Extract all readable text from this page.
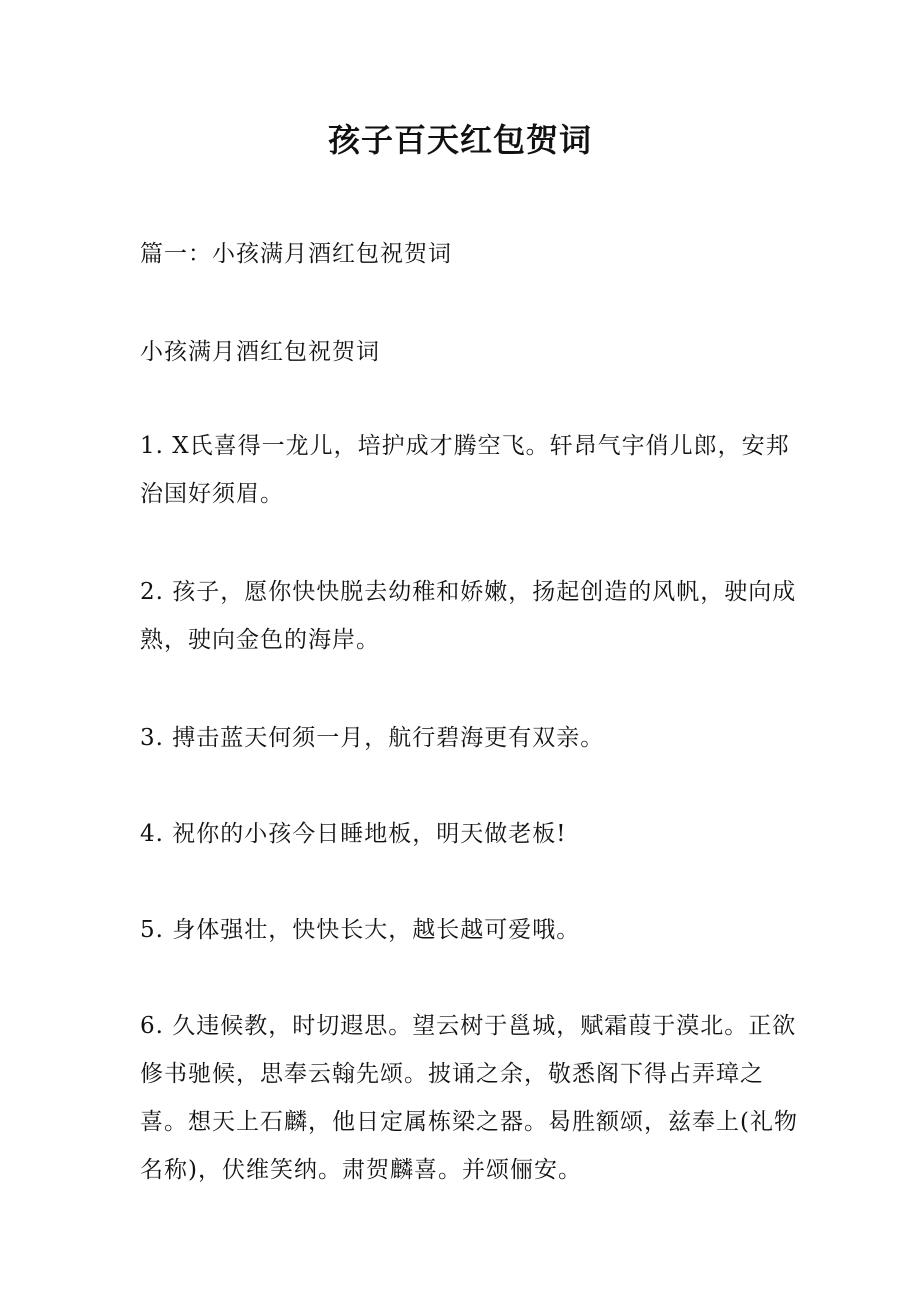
孩子百天红包贺词

篇一：小孩满月酒红包祝贺词

小孩满月酒红包祝贺词

1. X氏喜得一龙儿，培护成才腾空飞。轩昂气宇俏儿郎，安邦治国好须眉。

2. 孩子，愿你快快脱去幼稚和娇嫩，扬起创造的风帆，驶向成熟，驶向金色的海岸。

3. 搏击蓝天何须一月，航行碧海更有双亲。

4. 祝你的小孩今日睡地板，明天做老板!

5. 身体强壮，快快长大，越长越可爱哦。

6. 久违候教，时切遐思。望云树于邕城，赋霜葭于漠北。正欲修书驰候，思奉云翰先颂。披诵之余，敬悉阁下得占弄璋之喜。想天上石麟，他日定属栋梁之器。曷胜额颂，兹奉上(礼物名称)，伏维笑纳。肃贺麟喜。并颂俪安。
